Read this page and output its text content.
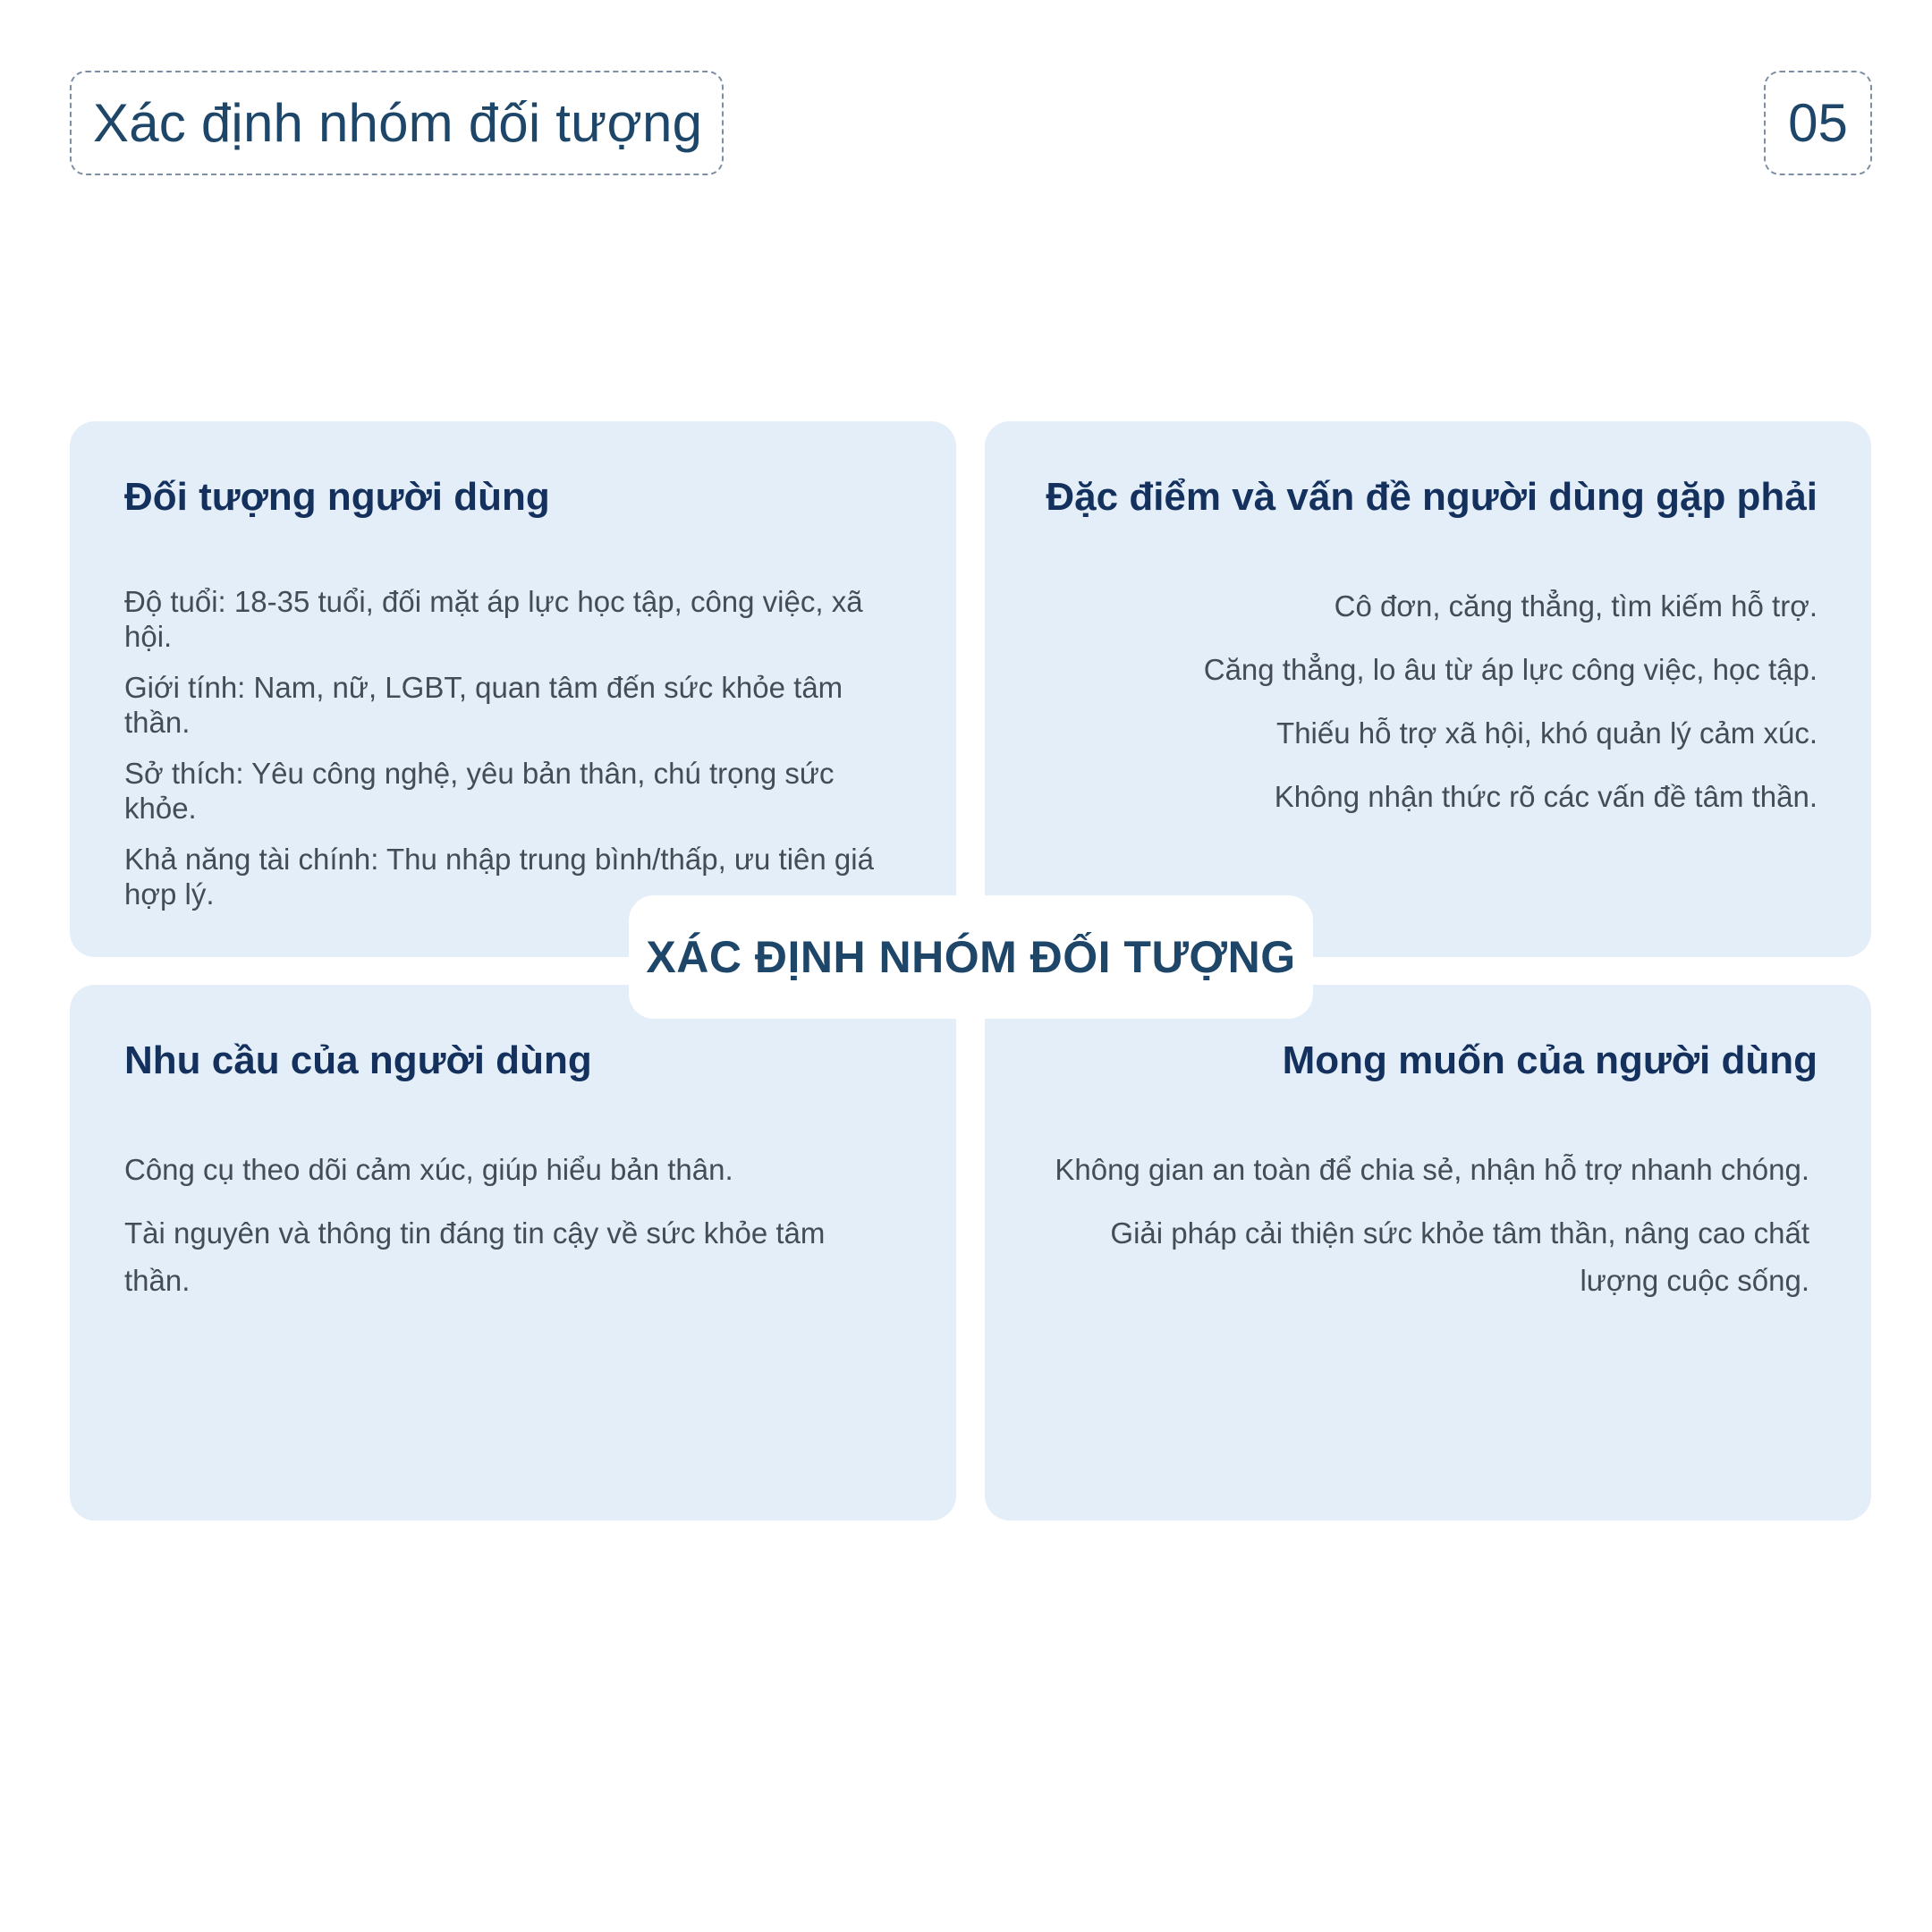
Xác định nhóm đối tượng	05
Đối tượng người dùng
Độ tuổi: 18-35 tuổi, đối mặt áp lực học tập, công việc, xã hội.
Giới tính: Nam, nữ, LGBT, quan tâm đến sức khỏe tâm thần.
Sở thích: Yêu công nghệ, yêu bản thân, chú trọng sức khỏe.
Khả năng tài chính: Thu nhập trung bình/thấp, ưu tiên giá hợp lý.
Đặc điểm và vấn đề người dùng gặp phải
Cô đơn, căng thẳng, tìm kiếm hỗ trợ.
Căng thẳng, lo âu từ áp lực công việc, học tập.
Thiếu hỗ trợ xã hội, khó quản lý cảm xúc.
Không nhận thức rõ các vấn đề tâm thần.
Nhu cầu của người dùng
Công cụ theo dõi cảm xúc, giúp hiểu bản thân.
Tài nguyên và thông tin đáng tin cậy về sức khỏe tâm thần.
Mong muốn của người dùng
Không gian an toàn để chia sẻ, nhận hỗ trợ nhanh chóng.
Giải pháp cải thiện sức khỏe tâm thần, nâng cao chất lượng cuộc sống.
XÁC ĐỊNH NHÓM ĐỐI TƯỢNG
